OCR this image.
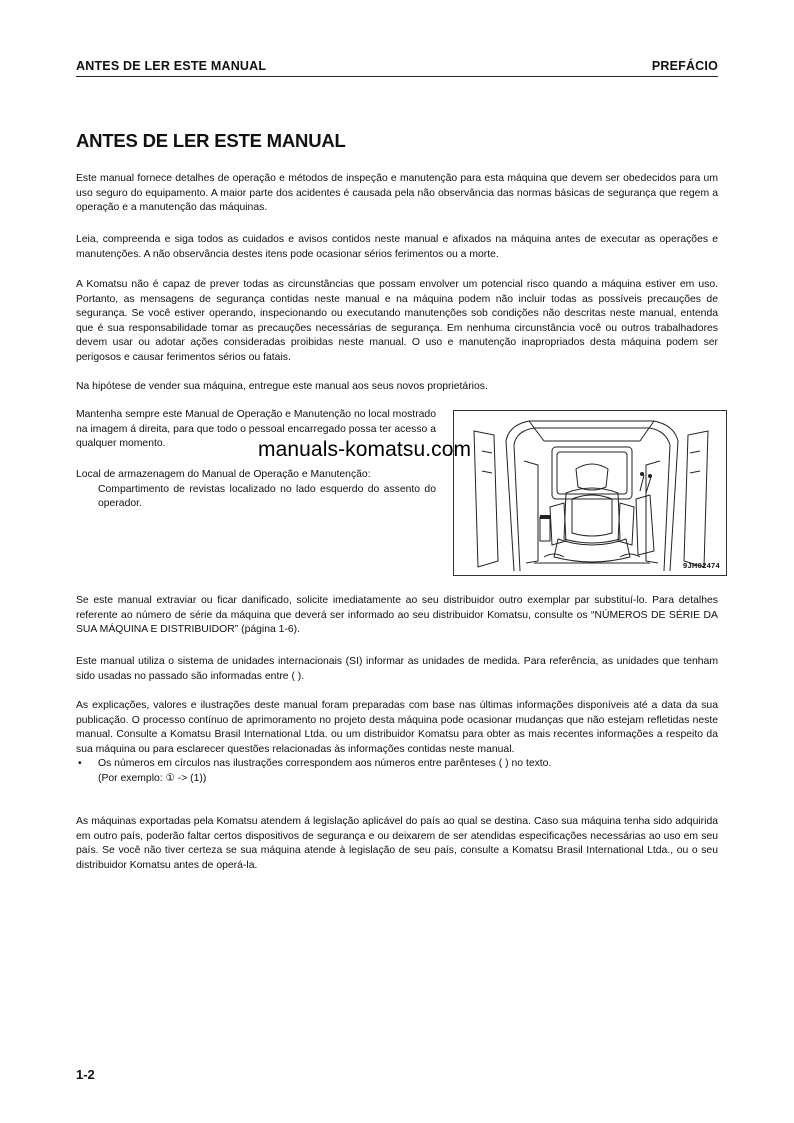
ANTES DE LER ESTE MANUAL	PREFÁCIO
ANTES DE LER ESTE MANUAL

Este manual fornece detalhes de operação e métodos de inspeção e manutenção para esta máquina que devem ser obedecidos para um uso seguro do equipamento. A maior parte dos acidentes é causada pela não observância das normas básicas de segurança que regem a operação e a manutenção das máquinas.

Leia, compreenda e siga todos as cuidados e avisos contidos neste manual e afixados na máquina antes de executar as operações e manutenções. A não observância destes itens pode ocasionar sérios ferimentos ou a morte.

A Komatsu não é capaz de prever todas as circunstâncias que possam envolver um potencial risco quando a máquina estiver em uso. Portanto, as mensagens de segurança contidas neste manual e na máquina podem não incluir todas as possíveis precauções de segurança. Se você estiver operando, inspecionando ou executando manutenções sob condições não descritas neste manual, entenda que é sua responsabilidade tomar as precauções necessárias de segurança. Em nenhuma circunstância você ou outros trabalhadores devem usar ou adotar ações consideradas proibidas neste manual. O uso e manutenção inapropriados desta máquina podem ser perigosos e causar ferimentos sérios ou fatais.

Na hipótese de vender sua máquina, entregue este manual aos seus novos proprietários.

Mantenha sempre este Manual de Operação e Manutenção no local mostrado na imagem á direita, para que todo o pessoal encarregado possa ter acesso a qualquer momento.

Local de armazenagem do Manual de Operação e Manutenção:
Compartimento de revistas localizado no lado esquerdo do assento do operador.

9JH02474
manuals-komatsu.com

Se este manual extraviar ou ficar danificado, solicite imediatamente ao seu distribuidor outro exemplar par substituí-lo. Para detalhes referente ao número de série da máquina que deverá ser informado ao seu distribuidor Komatsu, consulte os “NÚMEROS DE SÉRIE DA SUA MÁQUINA E DISTRIBUIDOR” (página 1-6).

Este manual utiliza o sistema de unidades internacionais (SI) informar as unidades de medida. Para referência, as unidades que tenham sido usadas no passado são informadas entre ( ).

As explicações, valores e ilustrações deste manual foram preparadas com base nas últimas informações disponíveis até a data da sua publicação. O processo contínuo de aprimoramento no projeto desta máquina pode ocasionar mudanças que não estejam refletidas neste manual. Consulte a Komatsu Brasil International Ltda. ou um distribuidor Komatsu para obter as mais recentes informações a respeito da sua máquina ou para esclarecer questões relacionadas às informações contidas neste manual.
• Os números em círculos nas ilustrações correspondem aos números entre parênteses ( ) no texto.
(Por exemplo: ① -> (1))

As máquinas exportadas pela Komatsu atendem á legislação aplicável do país ao qual se destina. Caso sua máquina tenha sido adquirida em outro país, poderão faltar certos dispositivos de segurança e ou deixarem de ser atendidas especificações necessárias ao uso em seu país. Se você não tiver certeza se sua máquina atende à legislação de seu país, consulte a Komatsu Brasil International Ltda., ou o seu distribuidor Komatsu antes de operá-la.

1-2
